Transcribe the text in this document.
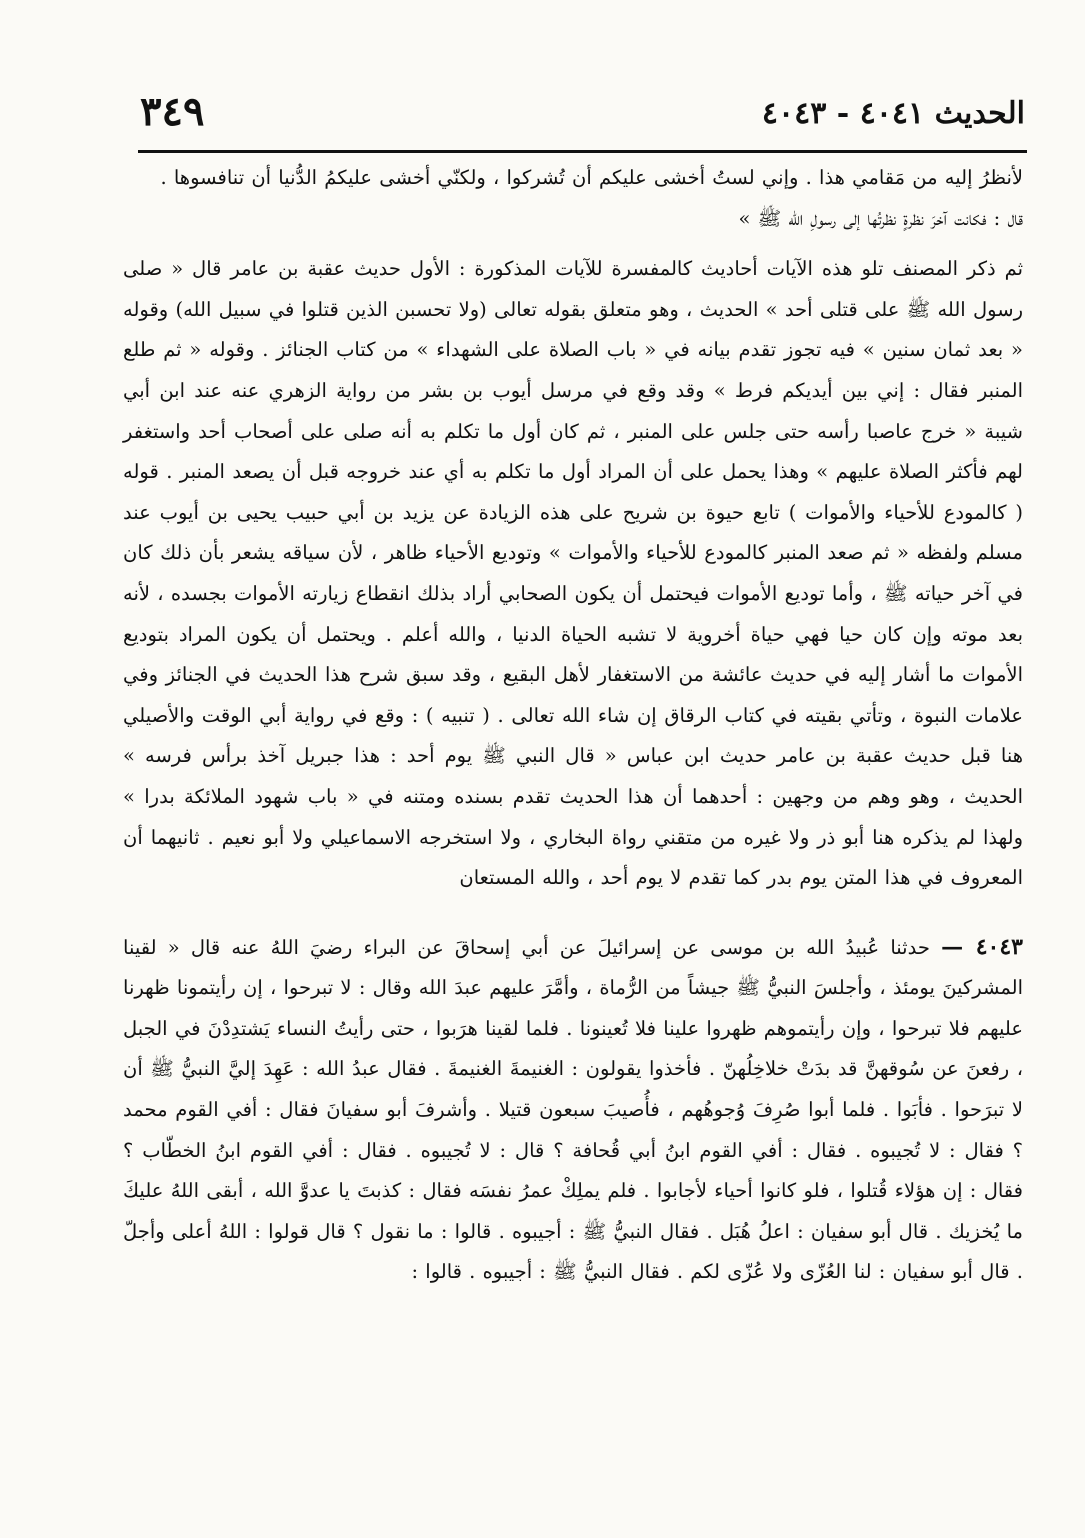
الحديث ٤٠٤١ - ٤٠٤٣
٣٤٩

لأنظرُ إليه من مَقامي هذا . وإني لستُ أخشى عليكم أن تُشركوا ، ولكنّي أخشى عليكمُ الدُّنيا أن تنافسوها .

قال : فكانت آخرَ نظرةٍ نظرتُها إلى رسولِ الله ﷺ »

ثم ذكر المصنف تلو هذه الآيات أحاديث كالمفسرة للآيات المذكورة : الأول حديث عقبة بن عامر قال « صلى رسول الله ﷺ على قتلى أحد » الحديث ، وهو متعلق بقوله تعالى (ولا تحسبن الذين قتلوا في سبيل الله) وقوله « بعد ثمان سنين » فيه تجوز تقدم بيانه في « باب الصلاة على الشهداء » من كتاب الجنائز . وقوله « ثم طلع المنبر فقال : إني بين أيديكم فرط » وقد وقع في مرسل أيوب بن بشر من رواية الزهري عنه عند ابن أبي شيبة « خرج عاصبا رأسه حتى جلس على المنبر ، ثم كان أول ما تكلم به أنه صلى على أصحاب أحد واستغفر لهم فأكثر الصلاة عليهم » وهذا يحمل على أن المراد أول ما تكلم به أي عند خروجه قبل أن يصعد المنبر . قوله ( كالمودع للأحياء والأموات ) تابع حيوة بن شريح على هذه الزيادة عن يزيد بن أبي حبيب يحيى بن أيوب عند مسلم ولفظه « ثم صعد المنبر كالمودع للأحياء والأموات » وتوديع الأحياء ظاهر ، لأن سياقه يشعر بأن ذلك كان في آخر حياته ﷺ ، وأما توديع الأموات فيحتمل أن يكون الصحابي أراد بذلك انقطاع زيارته الأموات بجسده ، لأنه بعد موته وإن كان حيا فهي حياة أخروية لا تشبه الحياة الدنيا ، والله أعلم . ويحتمل أن يكون المراد بتوديع الأموات ما أشار إليه في حديث عائشة من الاستغفار لأهل البقيع ، وقد سبق شرح هذا الحديث في الجنائز وفي علامات النبوة ، وتأتي بقيته في كتاب الرقاق إن شاء الله تعالى . ( تنبيه ) : وقع في رواية أبي الوقت والأصيلي هنا قبل حديث عقبة بن عامر حديث ابن عباس « قال النبي ﷺ يوم أحد : هذا جبريل آخذ برأس فرسه » الحديث ، وهو وهم من وجهين : أحدهما أن هذا الحديث تقدم بسنده ومتنه في « باب شهود الملائكة بدرا » ولهذا لم يذكره هنا أبو ذر ولا غيره من متقني رواة البخاري ، ولا استخرجه الاسماعيلي ولا أبو نعيم . ثانيهما أن المعروف في هذا المتن يوم بدر كما تقدم لا يوم أحد ، والله المستعان

٤٠٤٣ — حدثنا عُبيدُ الله بن موسى عن إسرائيلَ عن أبي إسحاقَ عن البراء رضيَ اللهُ عنه قال « لقينا المشركينَ يومئذ ، وأجلسَ النبيُّ ﷺ جيشاً من الرُّماة ، وأمَّرَ عليهم عبدَ الله وقال : لا تبرحوا ، إن رأيتمونا ظهرنا عليهم فلا تبرحوا ، وإن رأيتموهم ظهروا علينا فلا تُعينونا . فلما لقينا هرَبوا ، حتى رأيتُ النساء يَشتدِدْنَ في الجبل ، رفعنَ عن سُوقهنَّ قد بدَتْ خلاخِلُهنّ . فأخذوا يقولون : الغنيمةَ الغنيمةَ . فقال عبدُ الله : عَهِدَ إليَّ النبيُّ ﷺ أن لا تبرَحوا . فأبَوا . فلما أبوا صُرِفَ وُجوهُهم ، فأُصيبَ سبعون قتيلا . وأشرفَ أبو سفيانَ فقال : أفي القوم محمد ؟ فقال : لا تُجيبوه . فقال : أفي القوم ابنُ أبي قُحافة ؟ قال : لا تُجيبوه . فقال : أفي القوم ابنُ الخطّاب ؟ فقال : إن هؤلاء قُتلوا ، فلو كانوا أحياء لأجابوا . فلم يملِكْ عمرُ نفسَه فقال : كذبتَ يا عدوَّ الله ، أبقى اللهُ عليكَ ما يُخزيك . قال أبو سفيان : اعلُ هُبَل . فقال النبيُّ ﷺ : أجيبوه . قالوا : ما نقول ؟ قال قولوا : اللهُ أعلى وأجلّ . قال أبو سفيان : لنا العُزّى ولا عُزّى لكم . فقال النبيُّ ﷺ : أجيبوه . قالوا :
